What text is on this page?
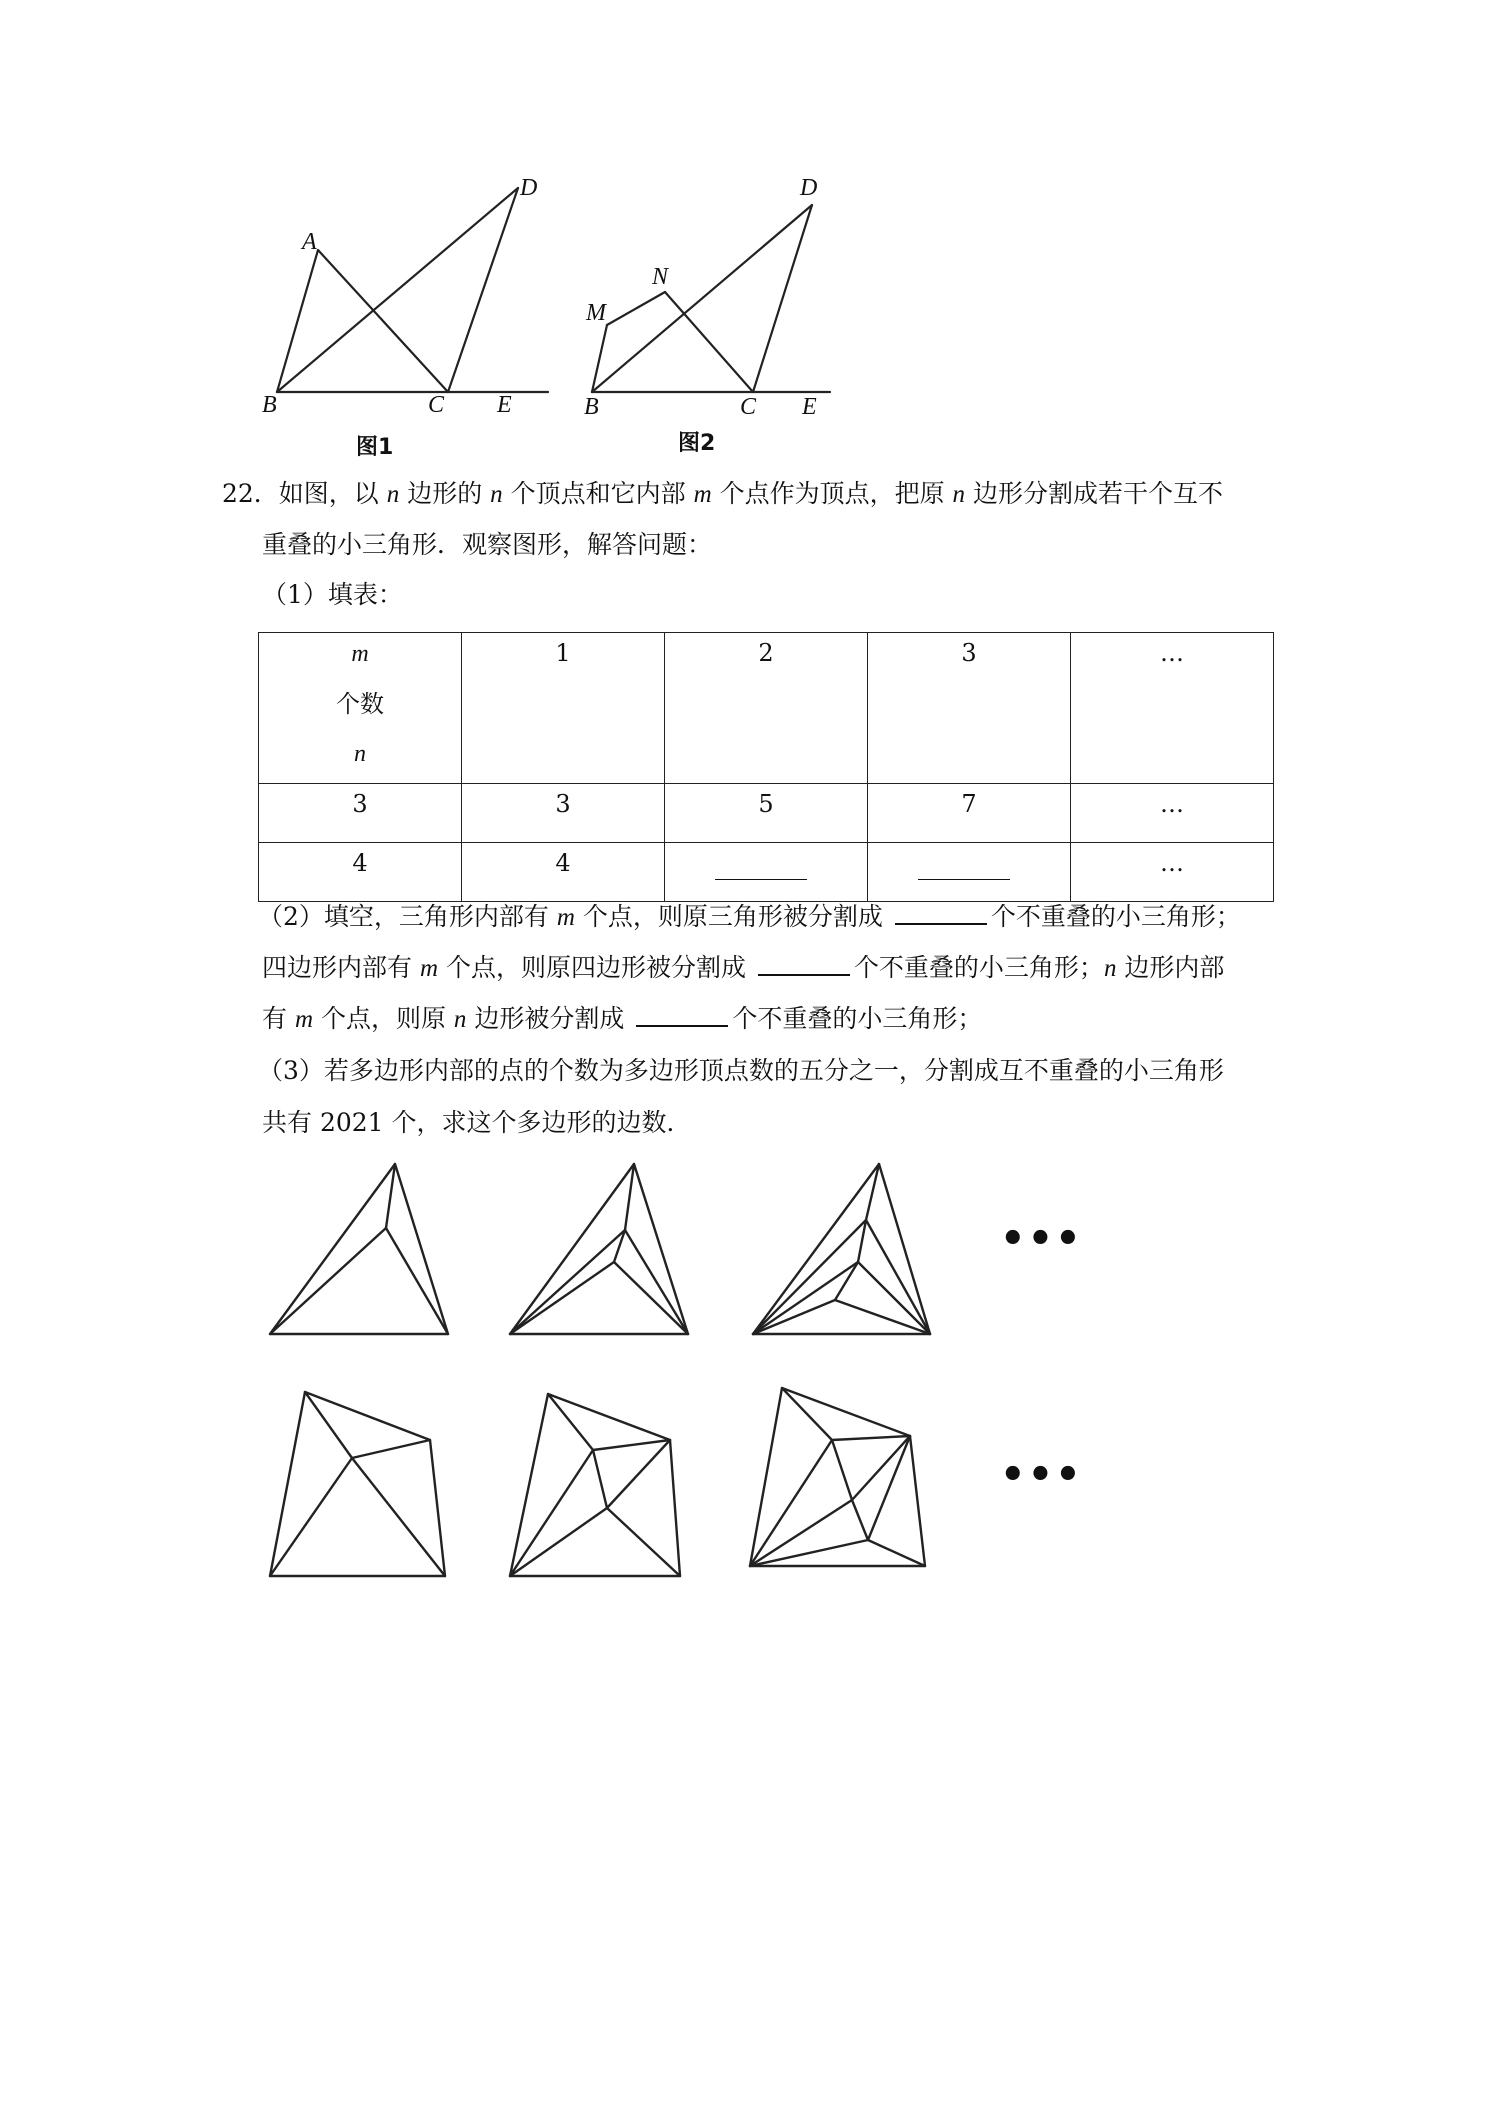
A
D
B	C E
图1
M
N
D
B	C E
图2
22．如图，以 n 边形的 n 个顶点和它内部 m 个点作为顶点，把原 n 边形分割成若干个互不
重叠的小三角形．观察图形，解答问题：
（1）填表：
m
个数
n	1	2	3	…

3	3	5	7	…

4	4			…
（2）填空，三角形内部有 m 个点，则原三角形被分割成	个不重叠的小三角形；
四边形内部有 m 个点，则原四边形被分割成	个不重叠的小三角形；n 边形内部
有 m 个点，则原 n 边形被分割成	个不重叠的小三角形；
（3）若多边形内部的点的个数为多边形顶点数的五分之一，分割成互不重叠的小三角形
共有 2021 个，求这个多边形的边数．
•••
•••
